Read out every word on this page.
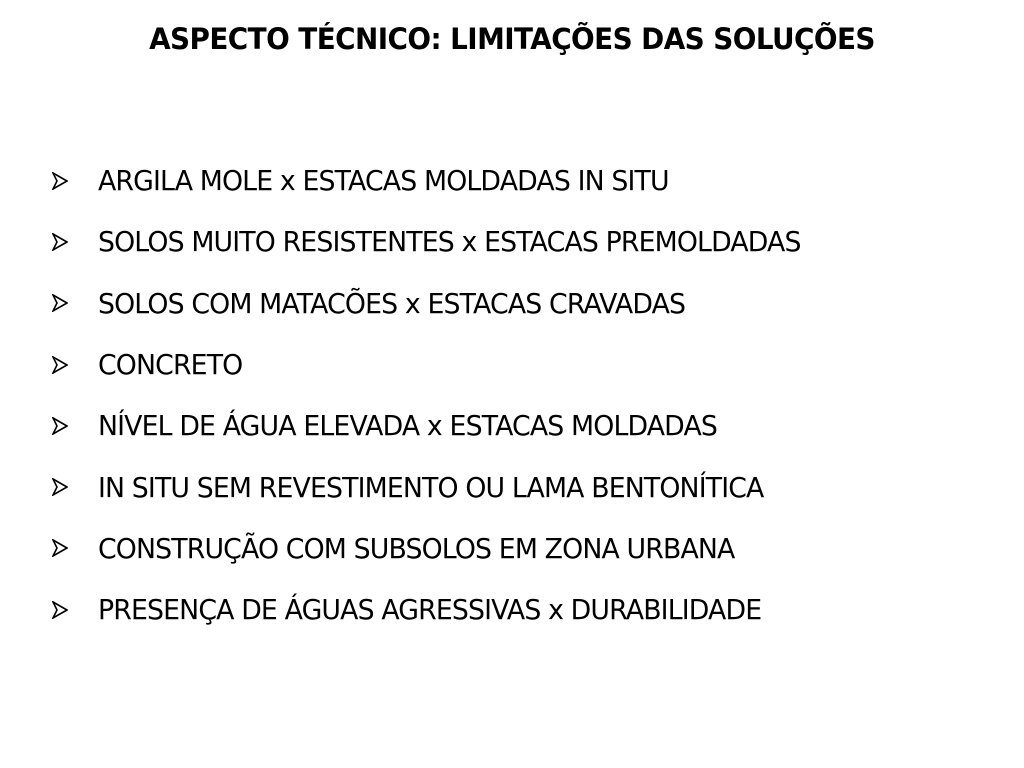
ASPECTO TÉCNICO: LIMITAÇÕES DAS SOLUÇÕES
ARGILA MOLE x ESTACAS MOLDADAS IN SITU
SOLOS MUITO RESISTENTES x ESTACAS PREMOLDADAS
SOLOS COM MATACÕES x ESTACAS CRAVADAS
CONCRETO
NÍVEL DE ÁGUA ELEVADA x ESTACAS MOLDADAS
IN SITU SEM REVESTIMENTO OU LAMA BENTONÍTICA
CONSTRUÇÃO COM SUBSOLOS EM ZONA URBANA
PRESENÇA DE ÁGUAS AGRESSIVAS x DURABILIDADE
